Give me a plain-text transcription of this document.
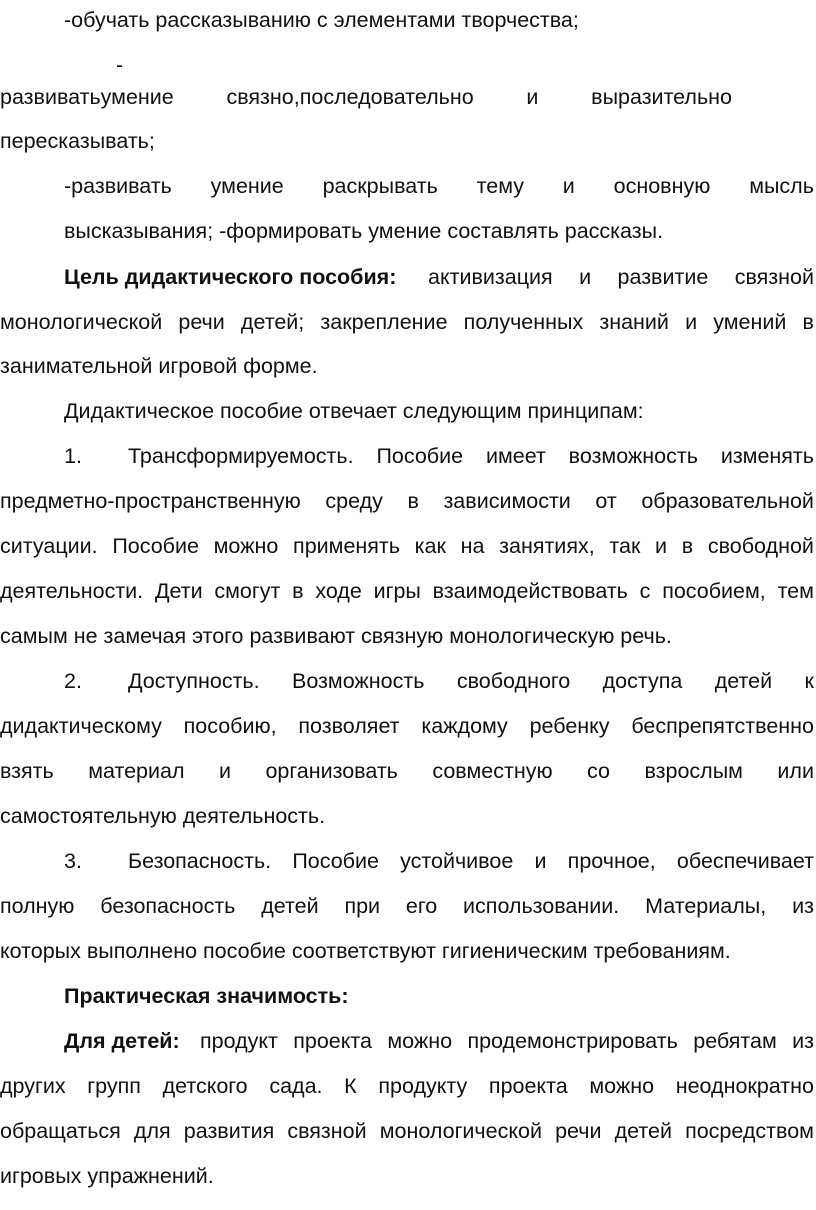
-обучать рассказыванию с элементами творчества;
-
развиватьумение связно,последовательно и выразительно
пересказывать;
-развивать умение раскрывать тему и основную мысль
высказывания; -формировать умение составлять рассказы.
Цель дидактического пособия: активизация и развитие связной
монологической речи детей; закрепление полученных знаний и умений в
занимательной игровой форме.
Дидактическое пособие отвечает следующим принципам:
1.	Трансформируемость. Пособие имеет возможность изменять
предметно-пространственную среду в зависимости от образовательной
ситуации. Пособие можно применять как на занятиях, так и в свободной
деятельности. Дети смогут в ходе игры взаимодействовать с пособием, тем
самым не замечая этого развивают связную монологическую речь.
2.	Доступность. Возможность свободного доступа детей к
дидактическому пособию, позволяет каждому ребенку беспрепятственно
взять материал и организовать совместную со взрослым или
самостоятельную деятельность.
3.	Безопасность. Пособие устойчивое и прочное, обеспечивает
полную безопасность детей при его использовании. Материалы, из
которых выполнено пособие соответствуют гигиеническим требованиям.
Практическая значимость:
Для детей: продукт проекта можно продемонстрировать ребятам из
других групп детского сада. К продукту проекта можно неоднократно
обращаться для развития связной монологической речи детей посредством
игровых упражнений.
